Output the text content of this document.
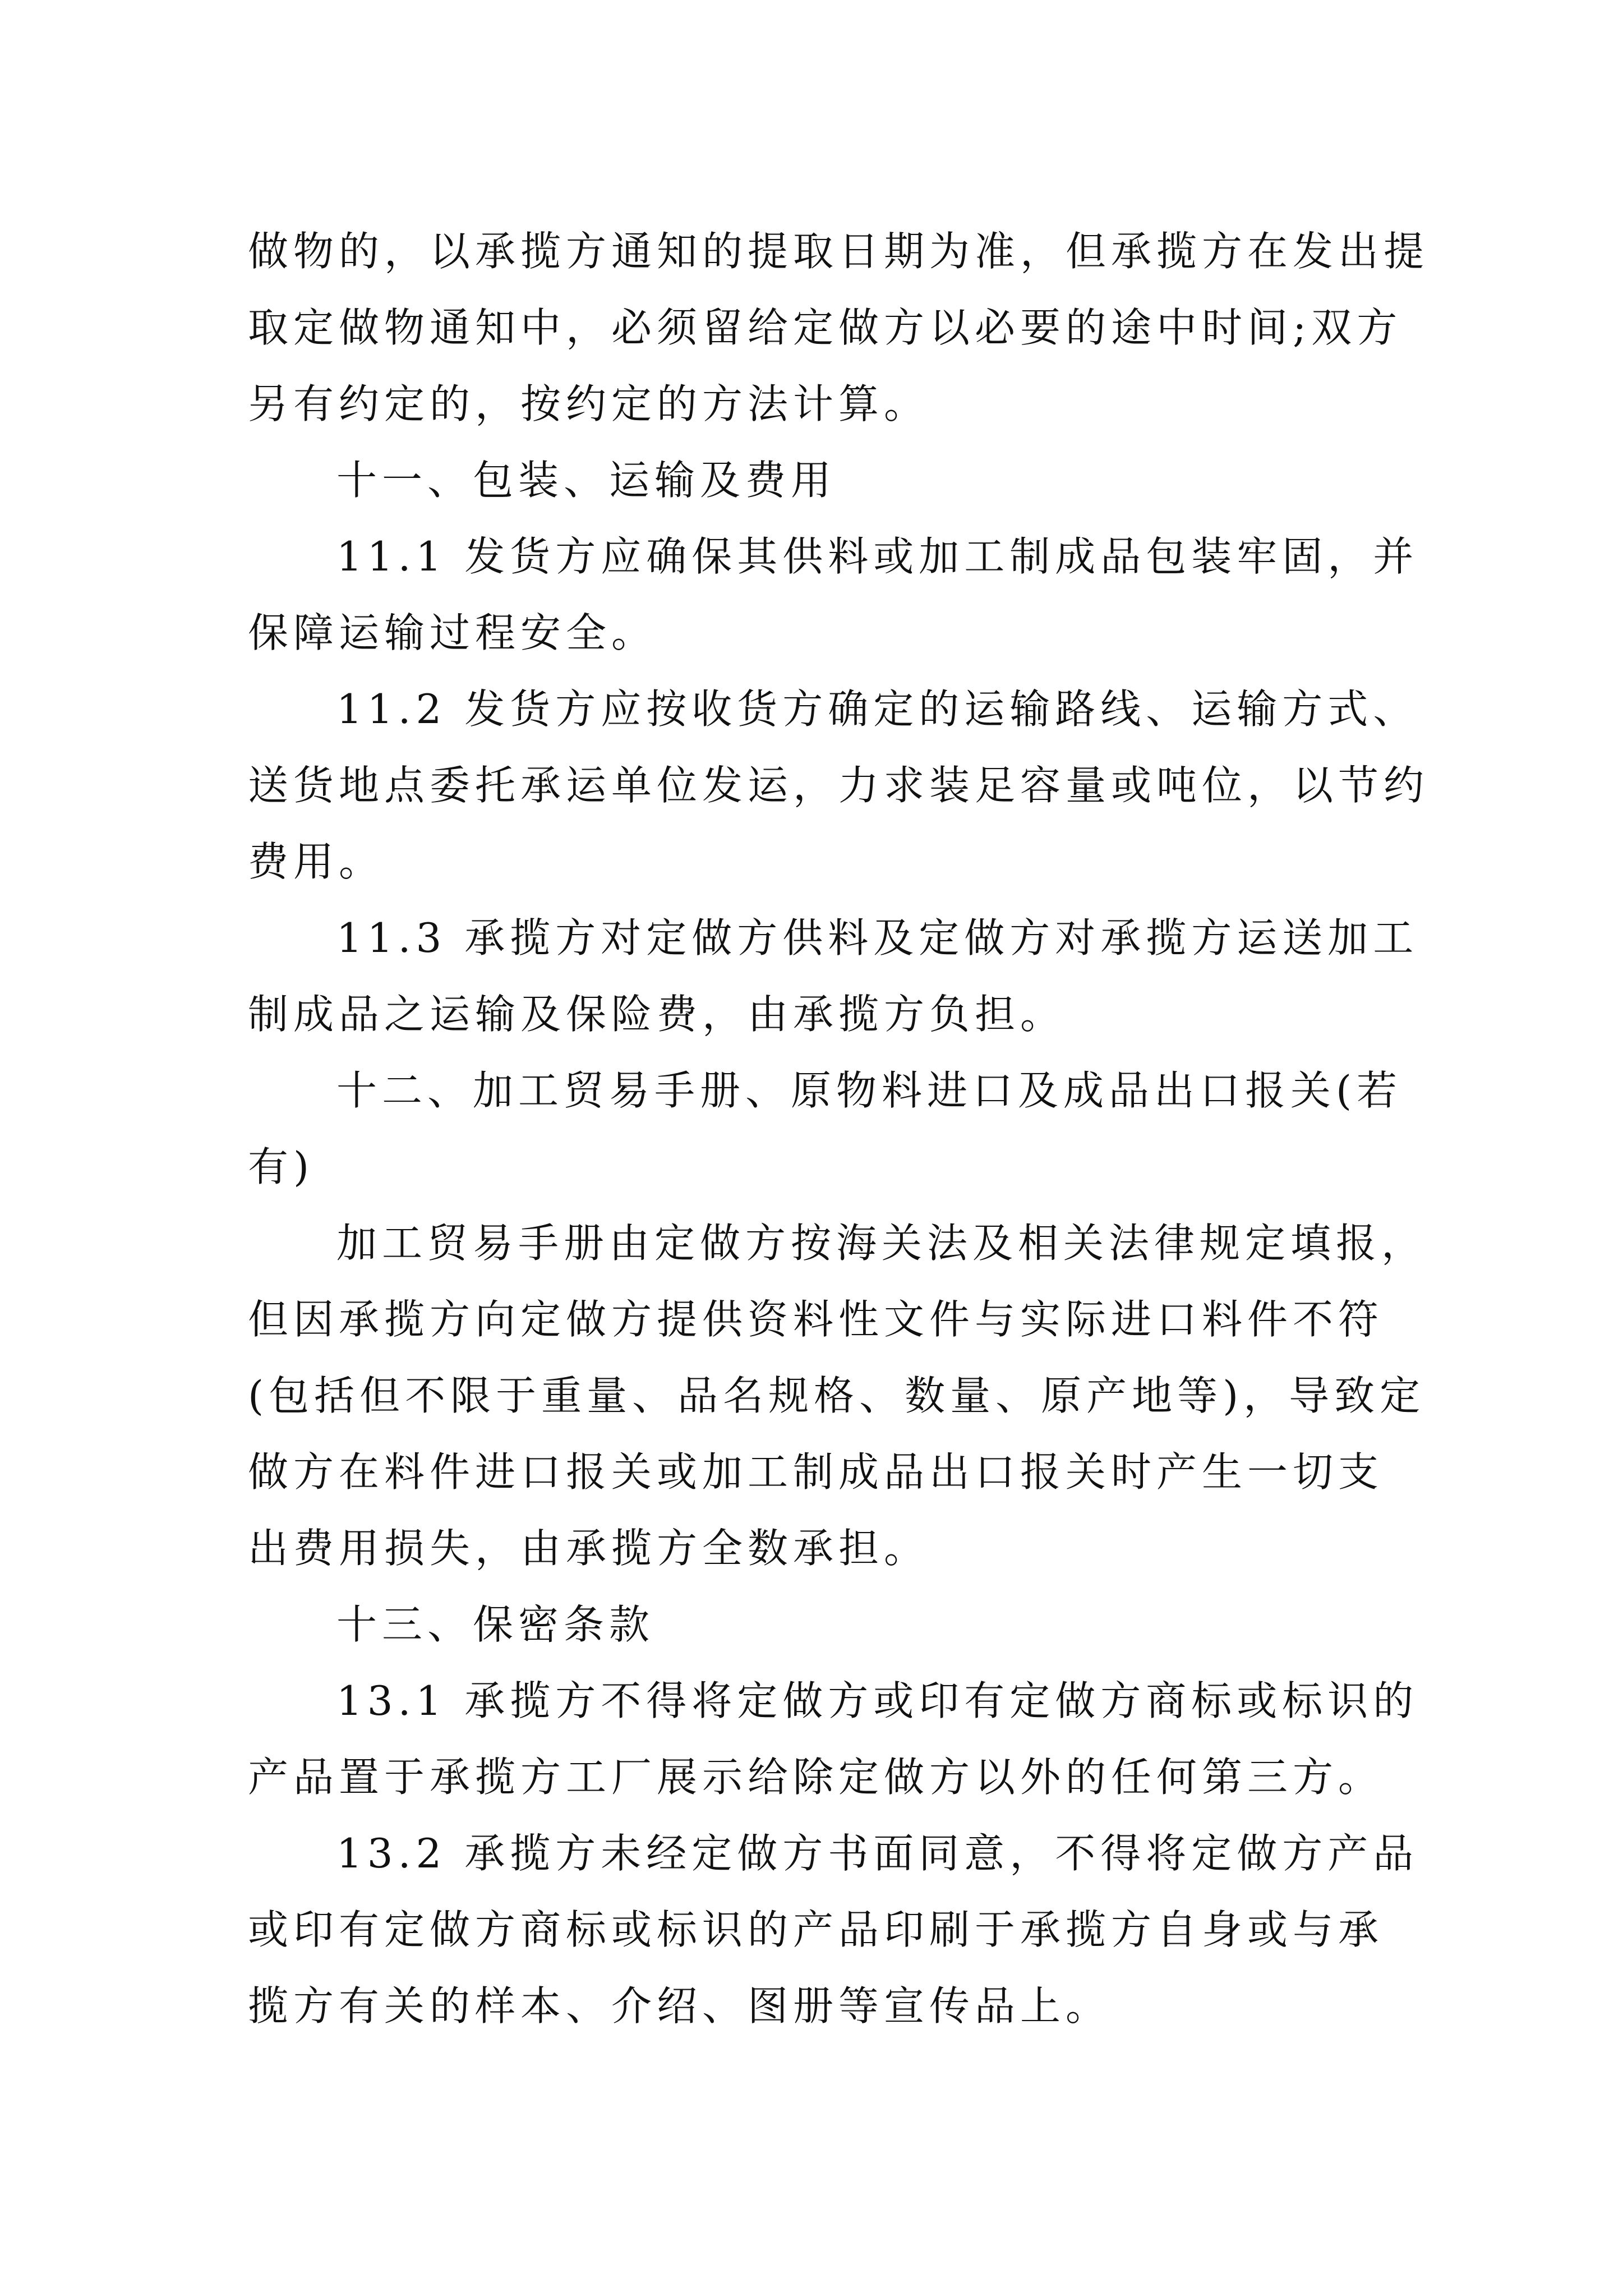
做物的，以承揽方通知的提取日期为准，但承揽方在发出提

取定做物通知中，必须留给定做方以必要的途中时间;双方

另有约定的，按约定的方法计算。

十一、包装、运输及费用

11.1 发货方应确保其供料或加工制成品包装牢固，并

保障运输过程安全。

11.2 发货方应按收货方确定的运输路线、运输方式、

送货地点委托承运单位发运，力求装足容量或吨位，以节约

费用。

11.3 承揽方对定做方供料及定做方对承揽方运送加工

制成品之运输及保险费，由承揽方负担。

十二、加工贸易手册、原物料进口及成品出口报关(若

有)

加工贸易手册由定做方按海关法及相关法律规定填报，

但因承揽方向定做方提供资料性文件与实际进口料件不符

(包括但不限于重量、品名规格、数量、原产地等)，导致定

做方在料件进口报关或加工制成品出口报关时产生一切支

出费用损失，由承揽方全数承担。

十三、保密条款

13.1 承揽方不得将定做方或印有定做方商标或标识的

产品置于承揽方工厂展示给除定做方以外的任何第三方。

13.2 承揽方未经定做方书面同意，不得将定做方产品

或印有定做方商标或标识的产品印刷于承揽方自身或与承

揽方有关的样本、介绍、图册等宣传品上。
